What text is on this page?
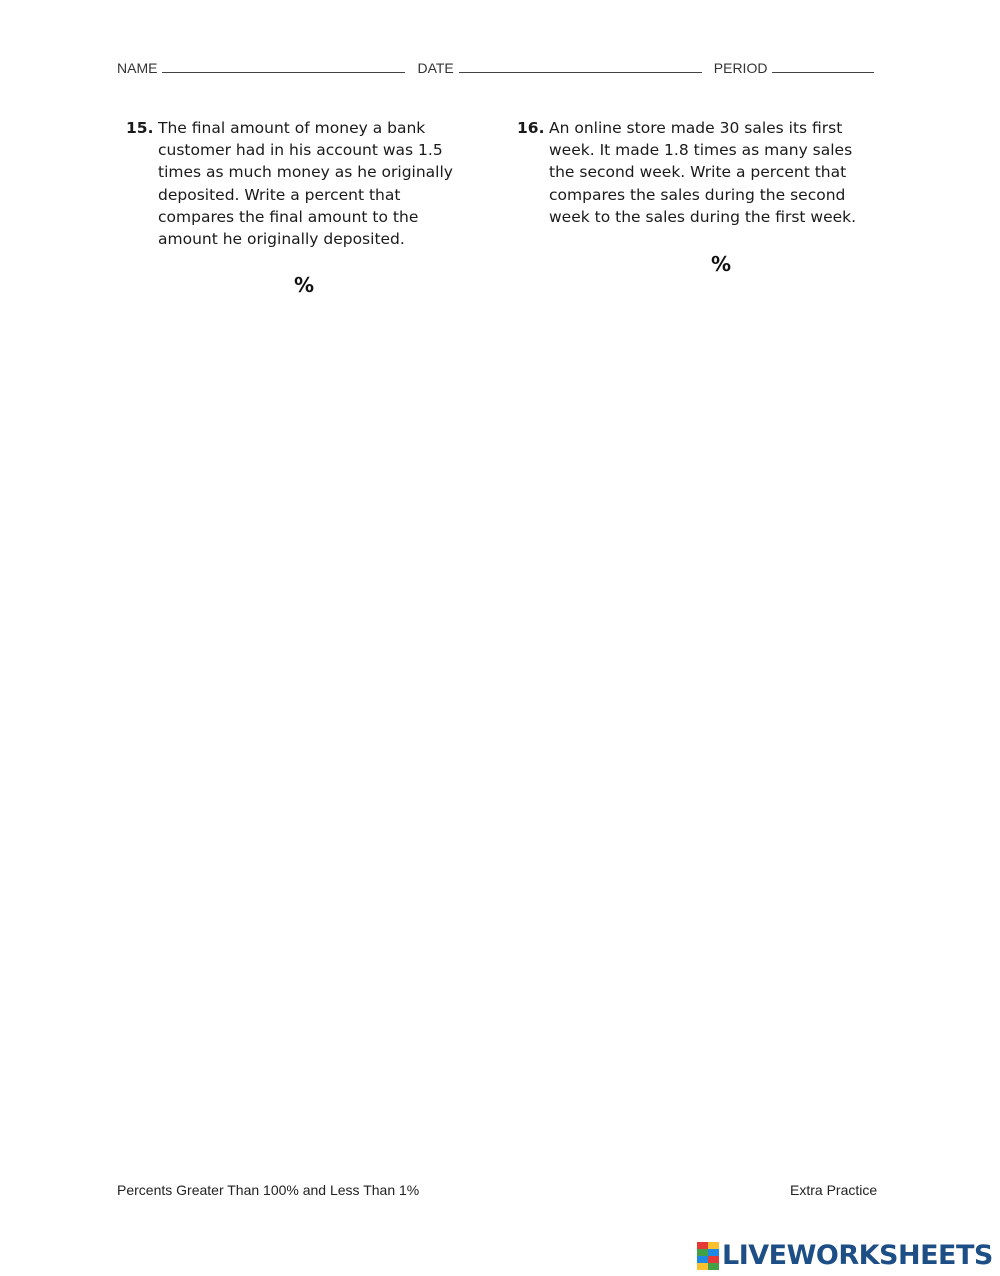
NAME	DATE	PERIOD
15. The final amount of money a bank customer had in his account was 1.5 times as much money as he originally deposited. Write a percent that compares the final amount to the amount he originally deposited.
%
16. An online store made 30 sales its first week. It made 1.8 times as many sales the second week. Write a percent that compares the sales during the second week to the sales during the first week.
%
Percents Greater Than 100% and Less Than 1%	Extra Practice
LIVEWORKSHEETS
